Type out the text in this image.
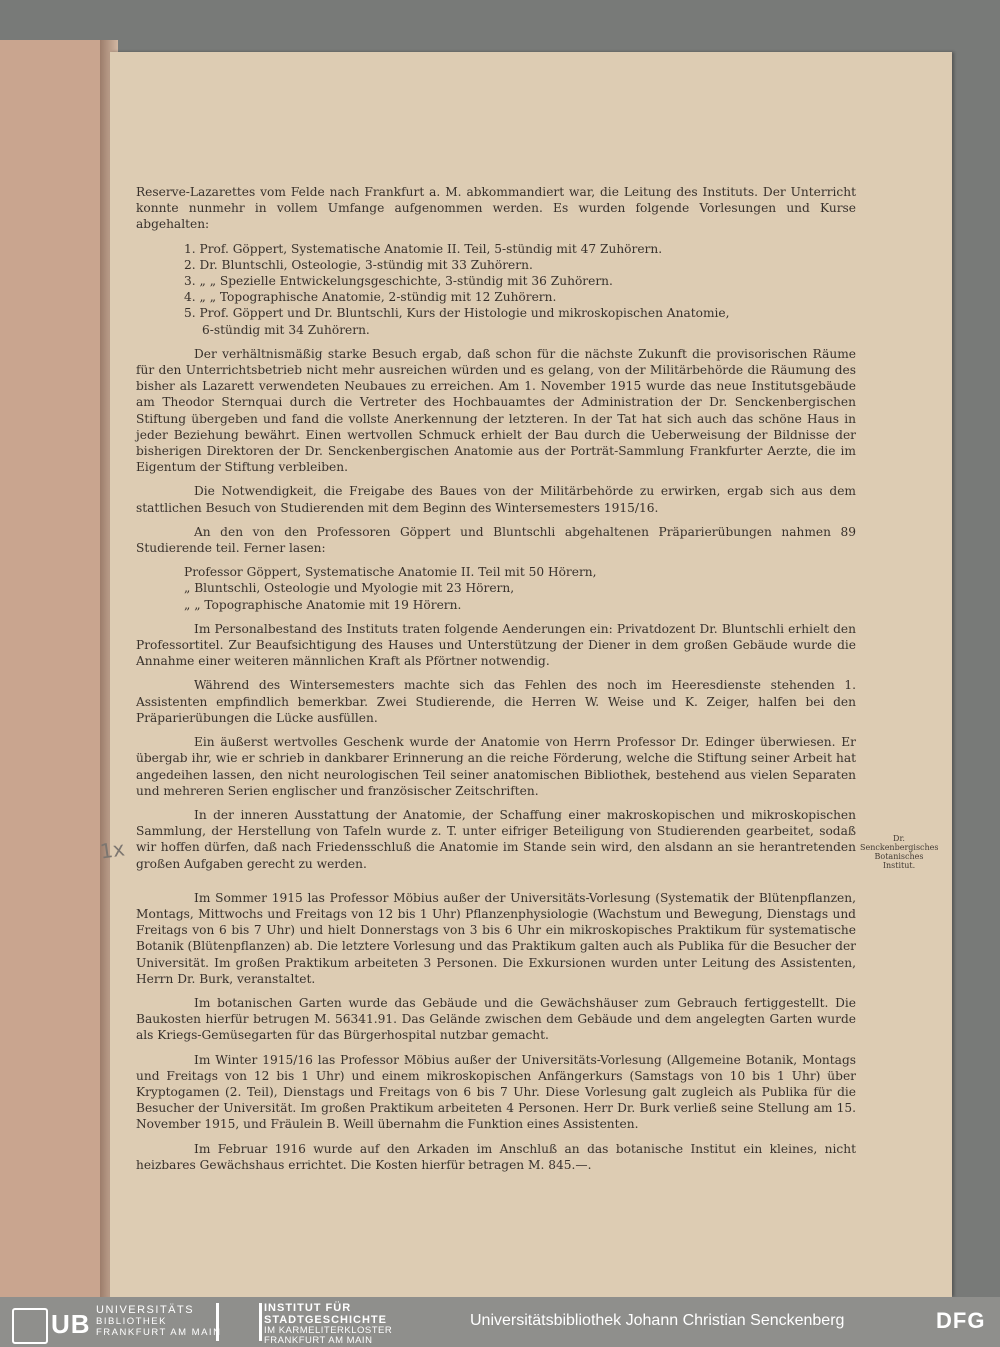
Reserve-Lazarettes vom Felde nach Frankfurt a. M. abkommandiert war, die Leitung des Instituts. Der Unterricht konnte nunmehr in vollem Umfange aufgenommen werden. Es wurden folgende Vorlesungen und Kurse abgehalten:

1. Prof. Göppert, Systematische Anatomie II. Teil, 5-stündig mit 47 Zuhörern.
2. Dr. Bluntschli, Osteologie, 3-stündig mit 33 Zuhörern.
3. „ „ Spezielle Entwickelungsgeschichte, 3-stündig mit 36 Zuhörern.
4. „ „ Topographische Anatomie, 2-stündig mit 12 Zuhörern.
5. Prof. Göppert und Dr. Bluntschli, Kurs der Histologie und mikroskopischen Anatomie,
6-stündig mit 34 Zuhörern.

Der verhältnismäßig starke Besuch ergab, daß schon für die nächste Zukunft die provisorischen Räume für den Unterrichtsbetrieb nicht mehr ausreichen würden und es gelang, von der Militärbehörde die Räumung des bisher als Lazarett verwendeten Neubaues zu erreichen. Am 1. November 1915 wurde das neue Institutsgebäude am Theodor Sternquai durch die Vertreter des Hochbauamtes der Administration der Dr. Senckenbergischen Stiftung übergeben und fand die vollste Anerkennung der letzteren. In der Tat hat sich auch das schöne Haus in jeder Beziehung bewährt. Einen wertvollen Schmuck erhielt der Bau durch die Ueberweisung der Bildnisse der bisherigen Direktoren der Dr. Senckenbergischen Anatomie aus der Porträt-Sammlung Frankfurter Aerzte, die im Eigentum der Stiftung verbleiben.

Die Notwendigkeit, die Freigabe des Baues von der Militärbehörde zu erwirken, ergab sich aus dem stattlichen Besuch von Studierenden mit dem Beginn des Wintersemesters 1915/16.

An den von den Professoren Göppert und Bluntschli abgehaltenen Präparierübungen nahmen 89 Studierende teil. Ferner lasen:

Professor Göppert, Systematische Anatomie II. Teil mit 50 Hörern,
„ Bluntschli, Osteologie und Myologie mit 23 Hörern,
„ „ Topographische Anatomie mit 19 Hörern.

Im Personalbestand des Instituts traten folgende Aenderungen ein: Privatdozent Dr. Bluntschli erhielt den Professortitel. Zur Beaufsichtigung des Hauses und Unterstützung der Diener in dem großen Gebäude wurde die Annahme einer weiteren männlichen Kraft als Pförtner notwendig.

Während des Wintersemesters machte sich das Fehlen des noch im Heeresdienste stehenden 1. Assistenten empfindlich bemerkbar. Zwei Studierende, die Herren W. Weise und K. Zeiger, halfen bei den Präparierübungen die Lücke ausfüllen.

Ein äußerst wertvolles Geschenk wurde der Anatomie von Herrn Professor Dr. Edinger überwiesen. Er übergab ihr, wie er schrieb in dankbarer Erinnerung an die reiche Förderung, welche die Stiftung seiner Arbeit hat angedeihen lassen, den nicht neurologischen Teil seiner anatomischen Bibliothek, bestehend aus vielen Separaten und mehreren Serien englischer und französischer Zeitschriften.

In der inneren Ausstattung der Anatomie, der Schaffung einer makroskopischen und mikroskopischen Sammlung, der Herstellung von Tafeln wurde z. T. unter eifriger Beteiligung von Studierenden gearbeitet, sodaß wir hoffen dürfen, daß nach Friedensschluß die Anatomie im Stande sein wird, den alsdann an sie herantretenden großen Aufgaben gerecht zu werden.

Im Sommer 1915 las Professor Möbius außer der Universitäts-Vorlesung (Systematik der Blütenpflanzen, Montags, Mittwochs und Freitags von 12 bis 1 Uhr) Pflanzenphysiologie (Wachstum und Bewegung, Dienstags und Freitags von 6 bis 7 Uhr) und hielt Donnerstags von 3 bis 6 Uhr ein mikroskopisches Praktikum für systematische Botanik (Blütenpflanzen) ab. Die letztere Vorlesung und das Praktikum galten auch als Publika für die Besucher der Universität. Im großen Praktikum arbeiteten 3 Personen. Die Exkursionen wurden unter Leitung des Assistenten, Herrn Dr. Burk, veranstaltet.

Im botanischen Garten wurde das Gebäude und die Gewächshäuser zum Gebrauch fertiggestellt. Die Baukosten hierfür betrugen M. 56341.91. Das Gelände zwischen dem Gebäude und dem angelegten Garten wurde als Kriegs-Gemüsegarten für das Bürgerhospital nutzbar gemacht.

Im Winter 1915/16 las Professor Möbius außer der Universitäts-Vorlesung (Allgemeine Botanik, Montags und Freitags von 12 bis 1 Uhr) und einem mikroskopischen Anfängerkurs (Samstags von 10 bis 1 Uhr) über Kryptogamen (2. Teil), Dienstags und Freitags von 6 bis 7 Uhr. Diese Vorlesung galt zugleich als Publika für die Besucher der Universität. Im großen Praktikum arbeiteten 4 Personen. Herr Dr. Burk verließ seine Stellung am 15. November 1915, und Fräulein B. Weill übernahm die Funktion eines Assistenten.

Im Februar 1916 wurde auf den Arkaden im Anschluß an das botanische Institut ein kleines, nicht heizbares Gewächshaus errichtet. Die Kosten hierfür betragen M. 845.—.

Dr. Senckenbergisches Botanisches Institut.
1x
UB UNIVERSITÄTS
BIBLIOTHEK
FRANKFURT AM MAIN
INSTITUT FÜR
STADTGESCHICHTE
IM KARMELITERKLOSTER
FRANKFURT AM MAIN
Universitätsbibliothek Johann Christian Senckenberg	DFG
